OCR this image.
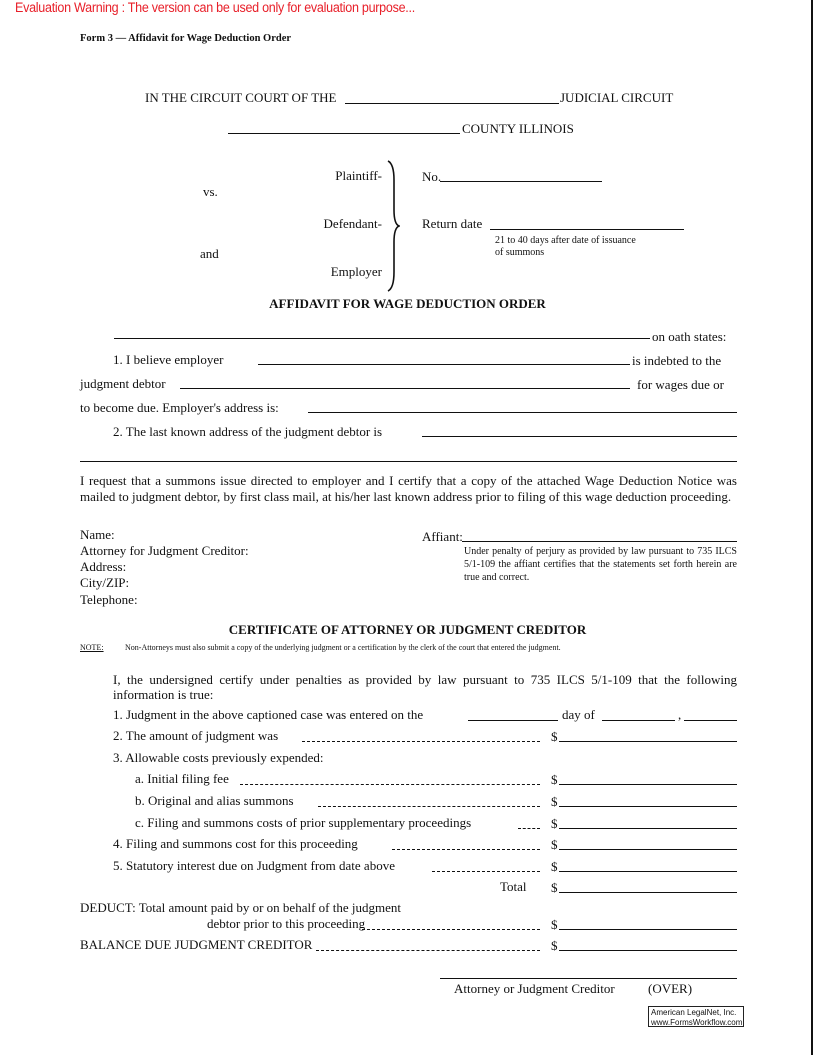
Evaluation Warning : The version can be used only for evaluation purpose...
Form 3 — Affidavit for Wage Deduction Order
IN THE CIRCUIT COURT OF THE	JUDICIAL CIRCUIT
COUNTY ILLINOIS
Plaintiff-
vs.
Defendant-
and
Employer
No.
Return date
21 to 40 days after date of issuance
of summons
AFFIDAVIT FOR WAGE DEDUCTION ORDER
on oath states:
1. I believe employer	is indebted to the
judgment debtor	for wages due or
to become due. Employer's address is:
2. The last known address of the judgment debtor is
I request that a summons issue directed to employer and I certify that a copy of the attached Wage Deduction Notice was mailed to judgment debtor, by first class mail, at his/her last known address prior to filing of this wage deduction proceeding.
Name:
Attorney for Judgment Creditor:
Address:
City/ZIP:
Telephone:
Affiant:
Under penalty of perjury as provided by law pursuant to 735 ILCS 5/1-109 the affiant certifies that the statements set forth herein are true and correct.
CERTIFICATE OF ATTORNEY OR JUDGMENT CREDITOR
NOTE:	Non-Attorneys must also submit a copy of the underlying judgment or a certification by the clerk of the court that entered the judgment.
I, the undersigned certify under penalties as provided by law pursuant to 735 ILCS 5/1-109 that the following information is true:
1. Judgment in the above captioned case was entered on the	day of	,
2. The amount of judgment was	$
3. Allowable costs previously expended:
a. Initial filing fee	$
b. Original and alias summons	$
c. Filing and summons costs of prior supplementary proceedings	$
4. Filing and summons cost for this proceeding	$
5. Statutory interest due on Judgment from date above	$
Total $
DEDUCT: Total amount paid by or on behalf of the judgment
debtor prior to this proceeding	$
BALANCE DUE JUDGMENT CREDITOR	$
Attorney or Judgment Creditor	(OVER)
American LegalNet, Inc.
www.FormsWorkflow.com
